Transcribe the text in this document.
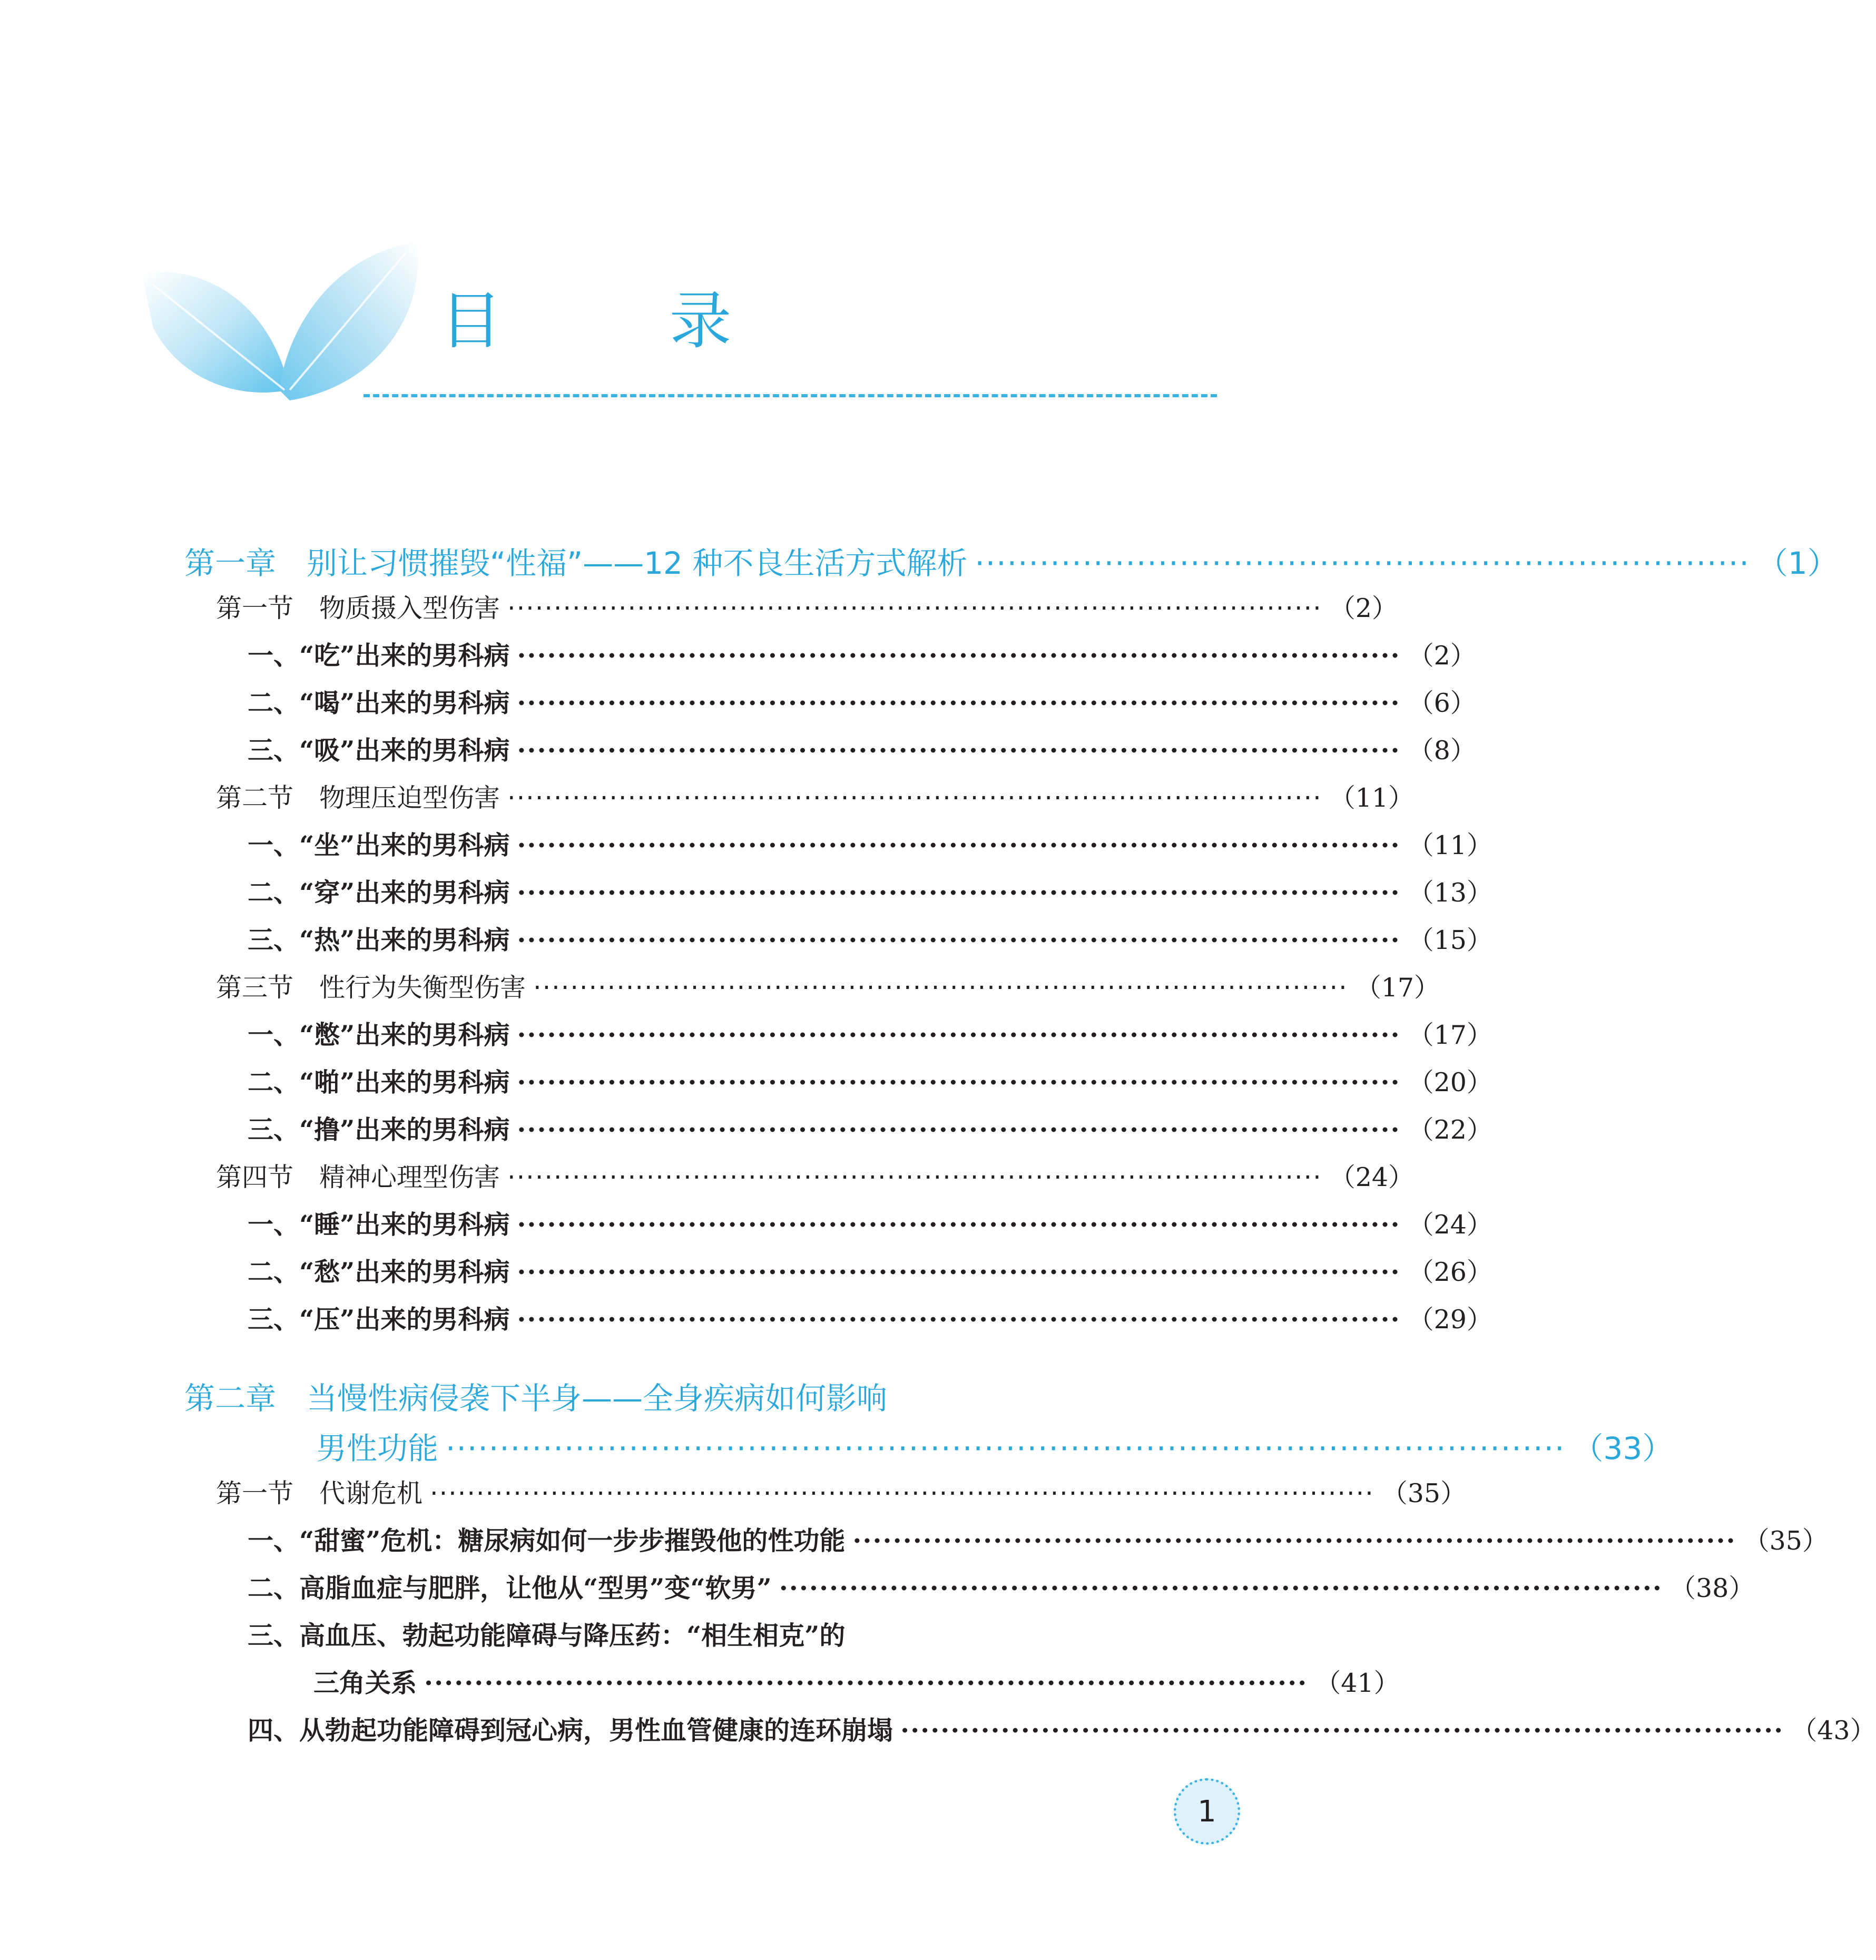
目 录
第一章　别让习惯摧毁“性福”——12 种不良生活方式解析 ········································································ （1）
第一节　物质摄入型伤害 ························································································ （2）
一、“吃”出来的男科病 ························································································ （2）
二、“喝”出来的男科病 ························································································ （6）
三、“吸”出来的男科病 ························································································ （8）
第二节　物理压迫型伤害 ························································································ （11）
一、“坐”出来的男科病 ························································································ （11）
二、“穿”出来的男科病 ························································································ （13）
三、“热”出来的男科病 ························································································ （15）
第三节　性行为失衡型伤害 ························································································ （17）
一、“憋”出来的男科病 ························································································ （17）
二、“啪”出来的男科病 ························································································ （20）
三、“撸”出来的男科病 ························································································ （22）
第四节　精神心理型伤害 ························································································ （24）
一、“睡”出来的男科病 ························································································ （24）
二、“愁”出来的男科病 ························································································ （26）
三、“压”出来的男科病 ························································································ （29）
第二章　当慢性病侵袭下半身——全身疾病如何影响
男性功能 ········································································································ （33）
第一节　代谢危机 ······································································································ （35）
一、“甜蜜”危机：糖尿病如何一步步摧毁他的性功能 ························································································ （35）
二、高脂血症与肥胖，让他从“型男”变“软男” ························································································ （38）
三、高血压、勃起功能障碍与降压药：“相生相克”的
三角关系 ························································································ （41）
四、从勃起功能障碍到冠心病，男性血管健康的连环崩塌 ························································································ （43）
1
